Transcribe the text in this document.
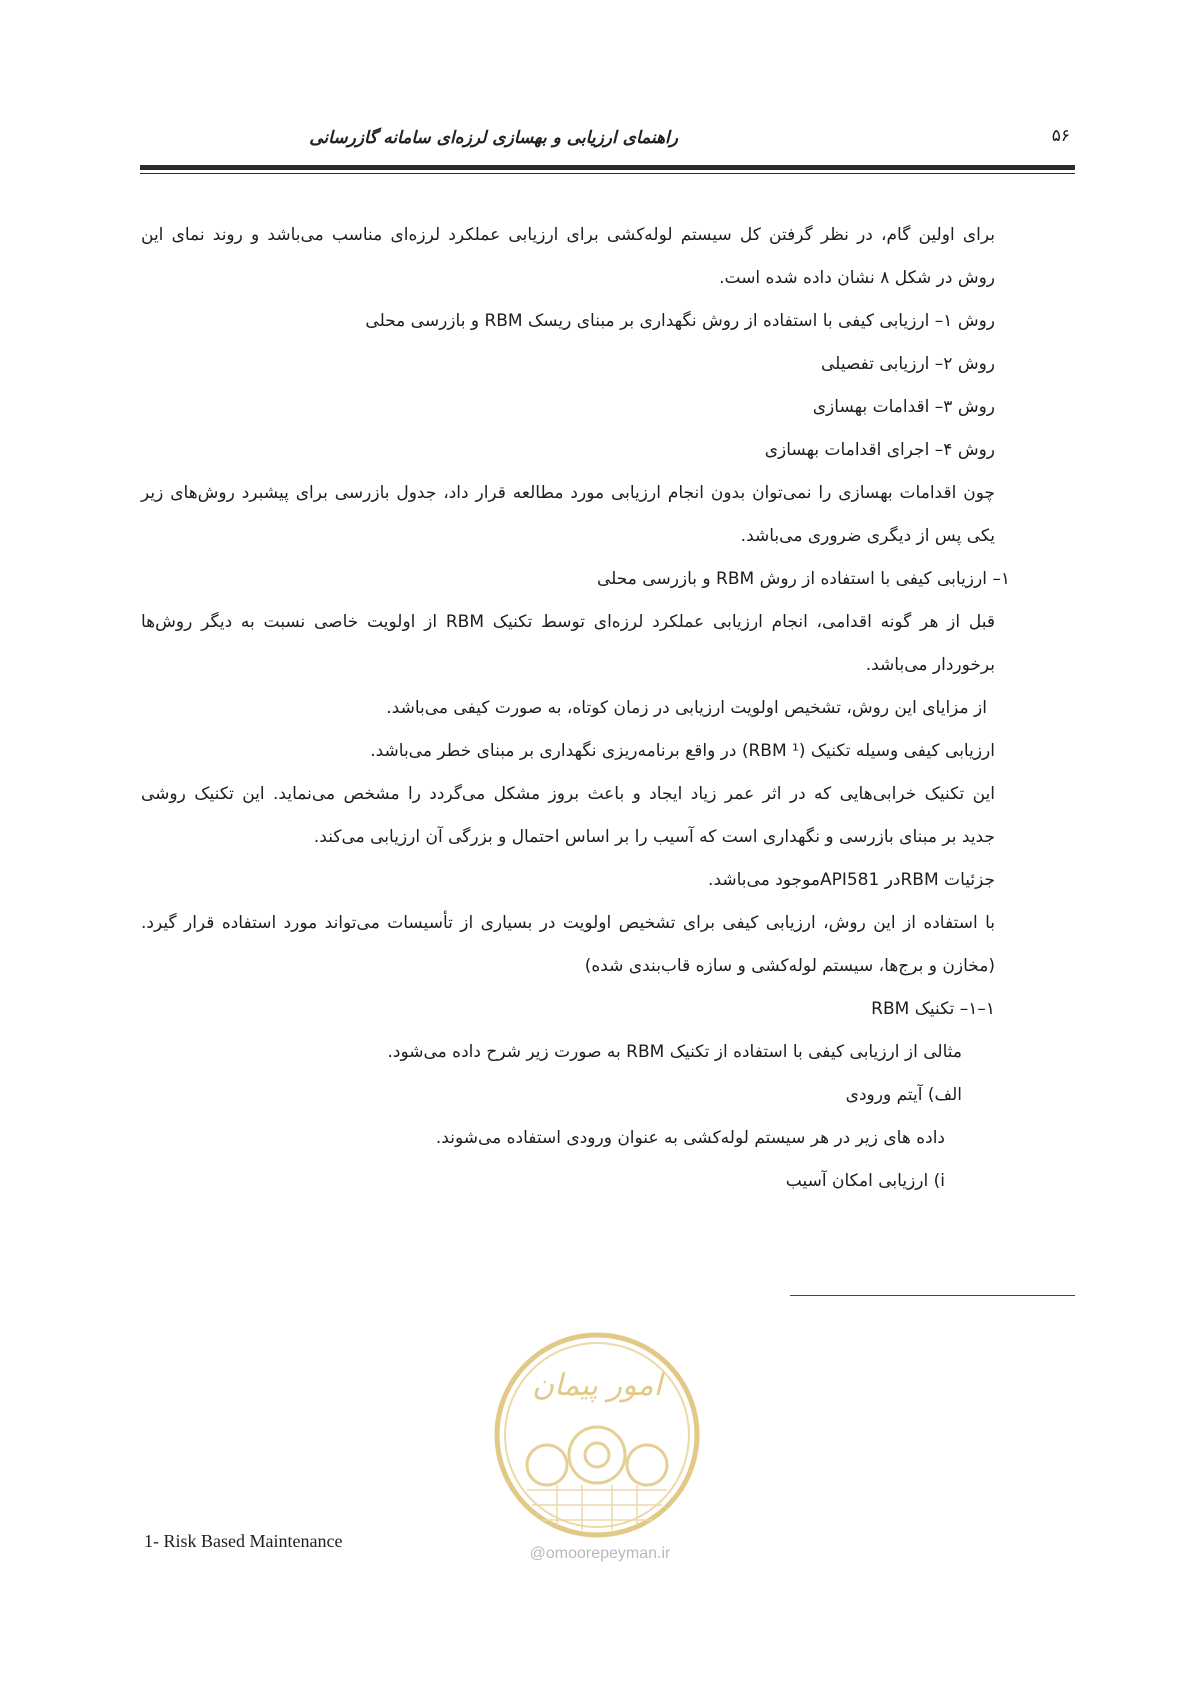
راهنمای ارزیابی و بهسازی لرزه‌ای سامانه گازرسانی	۵۶
برای اولین گام، در نظر گرفتن کل سیستم لوله‌کشی برای ارزیابی عملکرد لرزه‌ای مناسب می‌باشد و روند نمای این
روش در شکل ۸ نشان داده شده است.
روش ۱– ارزیابی کیفی با استفاده از روش نگهداری بر مبنای ریسک RBM و بازرسی محلی
روش ۲– ارزیابی تفصیلی
روش ۳– اقدامات بهسازی
روش ۴– اجرای اقدامات بهسازی
چون اقدامات بهسازی را نمی‌توان بدون انجام ارزیابی مورد مطالعه قرار داد، جدول بازرسی برای پیشبرد روش‌های زیر
یکی پس از دیگری ضروری می‌باشد.
۱– ارزیابی کیفی با استفاده از روش RBM و بازرسی محلی
قبل از هر گونه اقدامی، انجام ارزیابی عملکرد لرزه‌ای توسط تکنیک RBM از اولویت خاصی نسبت به دیگر روش‌ها
برخوردار می‌باشد.
از مزایای این روش، تشخیص اولویت ارزیابی در زمان کوتاه، به صورت کیفی می‌باشد.
ارزیابی کیفی وسیله تکنیک (RBM ¹) در واقع برنامه‌ریزی نگهداری بر مبنای خطر می‌باشد.
این تکنیک خرابی‌هایی که در اثر عمر زیاد ایجاد و باعث بروز مشکل می‌گردد را مشخص می‌نماید. این تکنیک روشی
جدید بر مبنای بازرسی و نگهداری است که آسیب را بر اساس احتمال و بزرگی آن ارزیابی می‌کند.
جزئیات RBMدر API581موجود می‌باشد.
با استفاده از این روش، ارزیابی کیفی برای تشخیص اولویت در بسیاری از تأسیسات می‌تواند مورد استفاده قرار گیرد.
(مخازن و برج‌ها، سیستم لوله‌کشی و سازه قاب‌بندی شده)
۱–۱– تکنیک RBM
مثالی از ارزیابی کیفی با استفاده از تکنیک RBM به صورت زیر شرح داده می‌شود.
الف) آیتم ورودی
داده های زیر در هر سیستم لوله‌کشی به عنوان ورودی استفاده می‌شوند.
i) ارزیابی امکان آسیب
امور پیمان
@omoorepeyman.ir
1- Risk Based Maintenance
